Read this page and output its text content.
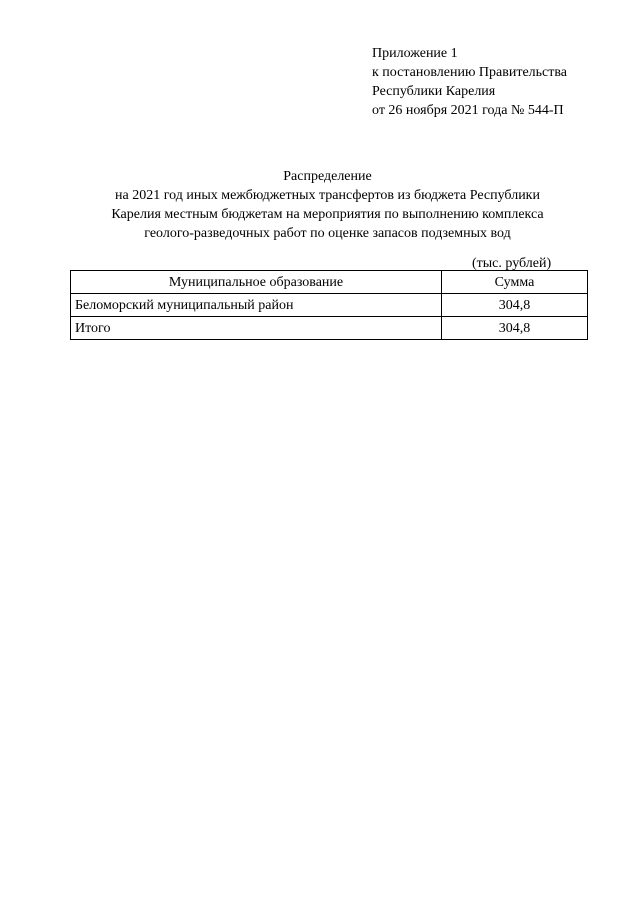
Приложение 1
к постановлению Правительства
Республики Карелия
от 26 ноября 2021 года № 544-П
Распределение
на 2021 год иных межбюджетных трансфертов из бюджета Республики
Карелия местным бюджетам на мероприятия по выполнению комплекса
геолого-разведочных работ по оценке запасов подземных вод
(тыс. рублей)
Муниципальное образование	Сумма
Беломорский муниципальный район	304,8
Итого	304,8
